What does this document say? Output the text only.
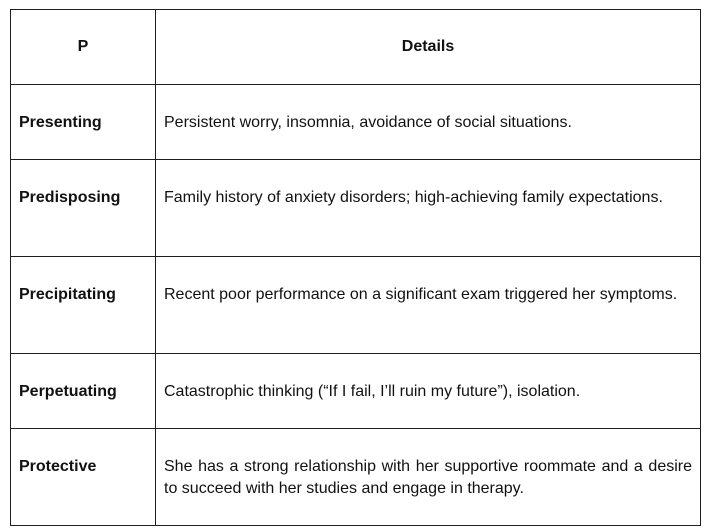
P	Details

Presenting	Persistent worry, insomnia, avoidance of social situations.

Predisposing	Family history of anxiety disorders; high-achieving family expectations.

Precipitating	Recent poor performance on a significant exam triggered her symptoms.

Perpetuating	Catastrophic thinking (“If I fail, I’ll ruin my future”), isolation.

Protective	She has a strong relationship with her supportive roommate and a desire to succeed with her studies and engage in therapy.
